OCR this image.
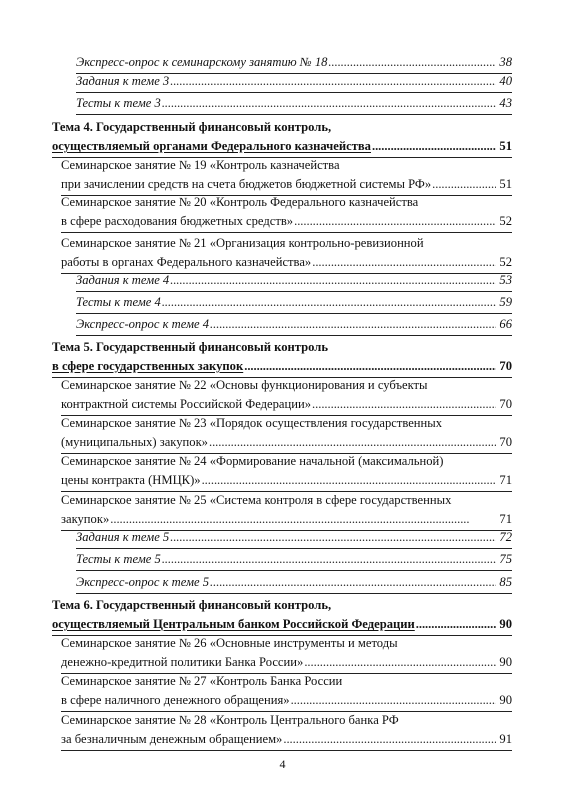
Экспресс-опрос к семинарскому занятию № 18 . . .	38
Задания к теме 3 . . .	40
Тесты к теме 3 . . .	43
Тема 4. Государственный финансовый контроль,
осуществляемый органами Федерального казначейства . . .	51
Семинарское занятие № 19 «Контроль казначейства
при зачислении средств на счета бюджетов бюджетной системы РФ» . . .	51
Семинарское занятие № 20 «Контроль Федерального казначейства
в сфере расходования бюджетных средств» . . .	52
Семинарское занятие № 21 «Организация контрольно-ревизионной
работы в органах Федерального казначейства» . . .	52
Задания к теме 4 . . .	53
Тесты к теме 4 . . .	59
Экспресс-опрос к теме 4 . . .	66
Тема 5. Государственный финансовый контроль
в сфере государственных закупок . . .	70
Семинарское занятие № 22 «Основы функционирования и субъекты
контрактной системы Российской Федерации» . . .	70
Семинарское занятие № 23 «Порядок осуществления государственных
(муниципальных) закупок» . . .	70
Семинарское занятие № 24 «Формирование начальной (максимальной)
цены контракта (НМЦК)» . . .	71
Семинарское занятие № 25 «Система контроля в сфере государственных
закупок» . . .	71
Задания к теме 5 . . .	72
Тесты к теме 5 . . .	75
Экспресс-опрос к теме 5 . . .	85
Тема 6. Государственный финансовый контроль,
осуществляемый Центральным банком Российской Федерации . . .	90
Семинарское занятие № 26 «Основные инструменты и методы
денежно-кредитной политики Банка России» . . .	90
Семинарское занятие № 27 «Контроль Банка России
в сфере наличного денежного обращения» . . .	90
Семинарское занятие № 28 «Контроль Центрального банка РФ
за безналичным денежным обращением» . . .	91
4
